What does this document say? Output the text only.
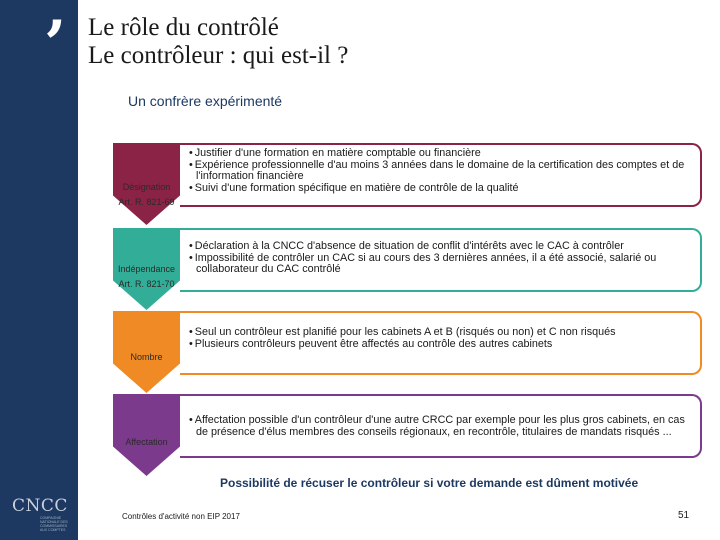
’
CNCC
COMPAGNIE NATIONALE DES COMMISSAIRES AUX COMPTES
Le rôle du contrôlé
Le contrôleur : qui est-il ?
Un confrère expérimenté
Désignation
Art. R. 821-69
• Justifier d'une formation en matière comptable ou financière
• Expérience professionnelle d'au moins 3 années dans le domaine de la certification des comptes et de l'information financière
• Suivi d'une formation spécifique en matière de contrôle de la qualité
Indépendance
Art. R. 821-70
• Déclaration à la CNCC d'absence de situation de conflit d'intérêts avec le CAC à contrôler
• Impossibilité de contrôler un CAC si au cours des 3 dernières années, il a été associé, salarié ou collaborateur du CAC contrôlé
Nombre
• Seul un contrôleur est planifié pour les cabinets A et B (risqués ou non) et C non risqués
• Plusieurs contrôleurs peuvent être affectés au contrôle des autres cabinets
Affectation
• Affectation possible d'un contrôleur d'une autre CRCC par exemple pour les plus gros cabinets, en cas de présence d'élus membres des conseils régionaux, en recontrôle, titulaires de mandats risqués ...
Possibilité de récuser le contrôleur si votre demande est dûment motivée
Contrôles d'activité non EIP 2017	51
